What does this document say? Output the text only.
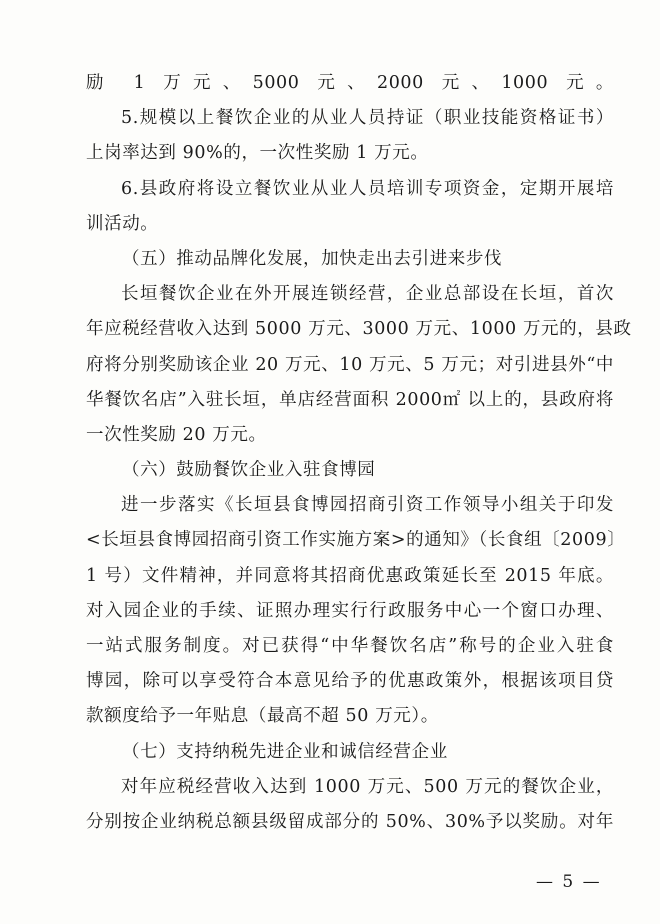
励 1 万元、5000 元、2000 元、1000 元。
5.规模以上餐饮企业的从业人员持证（职业技能资格证书）
上岗率达到 90%的，一次性奖励 1 万元。
6.县政府将设立餐饮业从业人员培训专项资金，定期开展培
训活动。
（五）推动品牌化发展，加快走出去引进来步伐
长垣餐饮企业在外开展连锁经营，企业总部设在长垣，首次
年应税经营收入达到 5000 万元、3000 万元、1000 万元的，县政
府将分别奖励该企业 20 万元、10 万元、5 万元；对引进县外“中
华餐饮名店”入驻长垣，单店经营面积 2000㎡ 以上的，县政府将
一次性奖励 20 万元。
（六）鼓励餐饮企业入驻食博园
进一步落实《长垣县食博园招商引资工作领导小组关于印发
<长垣县食博园招商引资工作实施方案>的通知》（长食组〔2009〕
1 号）文件精神，并同意将其招商优惠政策延长至 2015 年底。
对入园企业的手续、证照办理实行行政服务中心一个窗口办理、
一站式服务制度。对已获得“中华餐饮名店”称号的企业入驻食
博园，除可以享受符合本意见给予的优惠政策外，根据该项目贷
款额度给予一年贴息（最高不超 50 万元）。
（七）支持纳税先进企业和诚信经营企业
对年应税经营收入达到 1000 万元、500 万元的餐饮企业，
分别按企业纳税总额县级留成部分的 50%、30%予以奖励。对年
— 5 —
